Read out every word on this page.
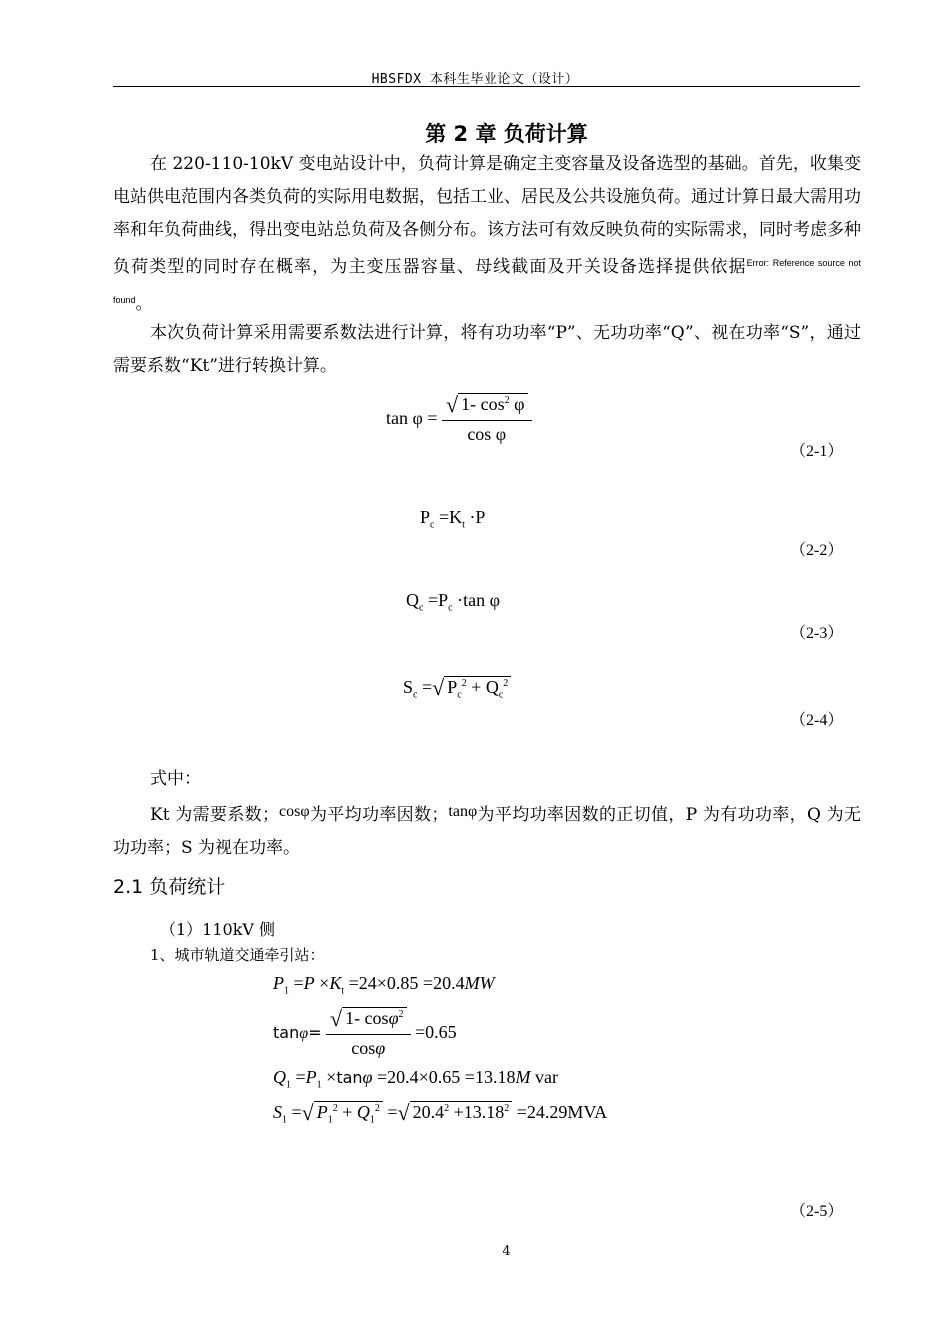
HBSFDX 本科生毕业论文（设计）
第 2 章 负荷计算
在 220-110-10kV 变电站设计中，负荷计算是确定主变容量及设备选型的基础。首先，收集变电站供电范围内各类负荷的实际用电数据，包括工业、居民及公共设施负荷。通过计算日最大需用功率和年负荷曲线，得出变电站总负荷及各侧分布。该方法可有效反映负荷的实际需求，同时考虑多种负荷类型的同时存在概率，为主变压器容量、母线截面及开关设备选择提供依据$^{Error: Reference source not found}$。
本次负荷计算采用需要系数法进行计算，将有功功率“P”、无功功率“Q”、视在功率“S”，通过需要系数“Kt”进行转换计算。
$\tan \varphi = \frac{√ 1- \cos^2 \varphi}{\text{cos φ}}$
（2-1）
$P_c =K_t \cdot P$
（2-2）
$Q_c =P_c \cdot\tan$ φ
（2-3）
$S_c$ =√ $P_c^2 + Q_c^2$
（2-4）
式中：
Kt 为需要系数；cosφ为平均功率因数；tanφ为平均功率因数的正切值，P 为有功功率，Q 为无功功率；S 为视在功率。
2.1 负荷统计
（1）110kV 侧
1、城市轨道交通牵引站：
$P_1 =P \times K_t =24\times 0.85 =20.4MW$
$\tan\varphi= \frac{√ 1- \cos\varphi^2}{\cos\varphi} =0.65$
$Q_1 =P_1 \times\tan\varphi =20.4\times 0.65 =13.18M$ var
$S_1$ =√ $P_1^2 + Q_1^2$ =√ $20.4^2 +13.18^2 =24.29MVA$
（2-5）
4
